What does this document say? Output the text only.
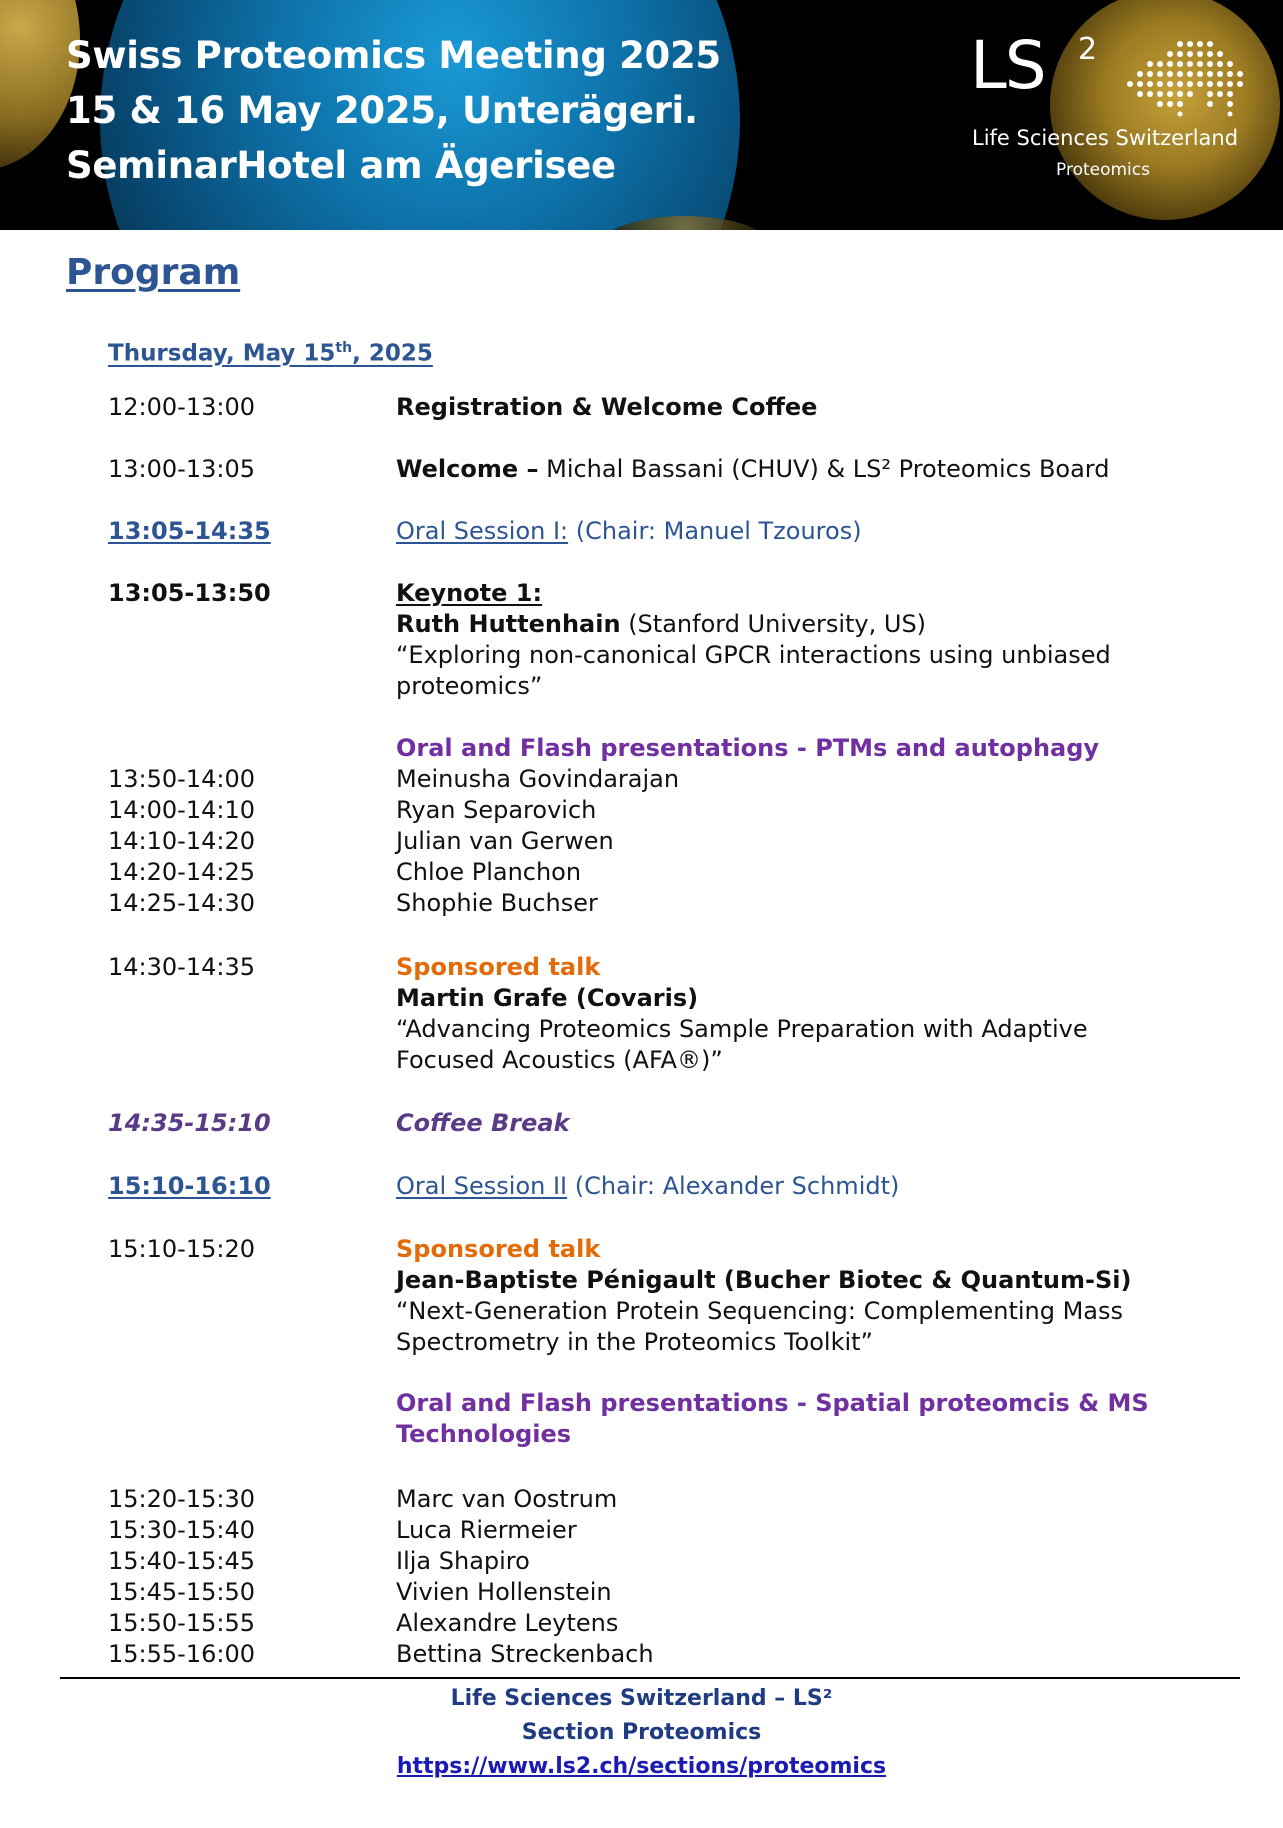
Swiss Proteomics Meeting 2025
15 & 16 May 2025, Unterägeri.
SeminarHotel am Ägerisee
LS 2
Life Sciences Switzerland
Proteomics
Program
Thursday, May 15th, 2025
12:00-13:00	Registration & Welcome Coffee
13:00-13:05	Welcome – Michal Bassani (CHUV) & LS² Proteomics Board
13:05-14:35	Oral Session I: (Chair: Manuel Tzouros)
13:05-13:50	Keynote 1:
Ruth Huttenhain (Stanford University, US)
“Exploring non-canonical GPCR interactions using unbiased
proteomics”
Oral and Flash presentations - PTMs and autophagy
13:50-14:00	Meinusha Govindarajan
14:00-14:10	Ryan Separovich
14:10-14:20	Julian van Gerwen
14:20-14:25	Chloe Planchon
14:25-14:30	Shophie Buchser
14:30-14:35	Sponsored talk
Martin Grafe (Covaris)
“Advancing Proteomics Sample Preparation with Adaptive
Focused Acoustics (AFA®)”
14:35-15:10	Coffee Break
15:10-16:10	Oral Session II (Chair: Alexander Schmidt)
15:10-15:20	Sponsored talk
Jean-Baptiste Pénigault (Bucher Biotec & Quantum-Si)
“Next-Generation Protein Sequencing: Complementing Mass
Spectrometry in the Proteomics Toolkit”
Oral and Flash presentations - Spatial proteomcis & MS
Technologies
15:20-15:30	Marc van Oostrum
15:30-15:40	Luca Riermeier
15:40-15:45	Ilja Shapiro
15:45-15:50	Vivien Hollenstein
15:50-15:55	Alexandre Leytens
15:55-16:00	Bettina Streckenbach
Life Sciences Switzerland – LS²
Section Proteomics
https://www.ls2.ch/sections/proteomics
